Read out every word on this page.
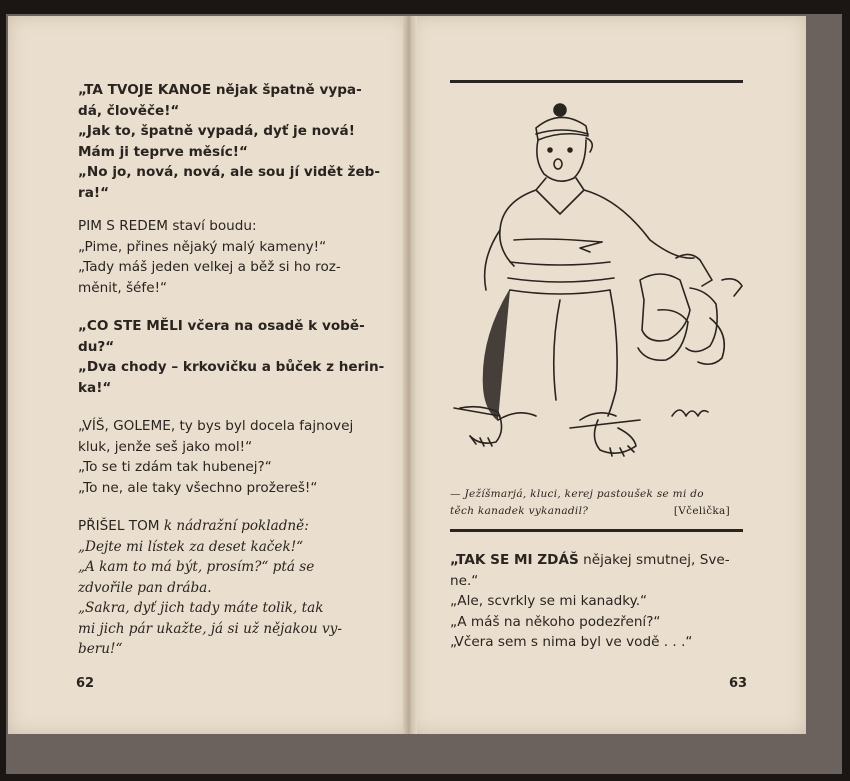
„TA TVOJE KANOE nějak špatně vypa-
dá, člověče!“
„Jak to, špatně vypadá, dyť je nová!
Mám ji teprve měsíc!“
„No jo, nová, nová, ale sou jí vidět žeb-
ra!“
PIM S REDEM staví boudu:
„Pime, přines nějaký malý kameny!“
„Tady máš jeden velkej a běž si ho roz-
měnit, šéfe!“
„CO STE MĚLI včera na osadě k vobě-
du?“
„Dva chody – krkovičku a bůček z herin-
ka!“
„VÍŠ, GOLEME, ty bys byl docela fajnovej
kluk, jenže seš jako mol!“
„To se ti zdám tak hubenej?“
„To ne, ale taky všechno prožereš!“
PŘIŠEL TOM k nádražní pokladně:
„Dejte mi lístek za deset kaček!“
„A kam to má být, prosím?“ ptá se
zdvořile pan drába.
„Sakra, dyť jich tady máte tolik, tak
mi jich pár ukažte, já si už nějakou vy-
beru!“
62
— Ježíšmarjá, kluci, kerej pastoušek se mi do těch kanadek vykanadil?	[Včelička]
„TAK SE MI ZDÁŠ nějakej smutnej, Sve-
ne.“
„Ale, scvrkly se mi kanadky.“
„A máš na někoho podezření?“
„Včera sem s nima byl ve vodě . . .“
63
